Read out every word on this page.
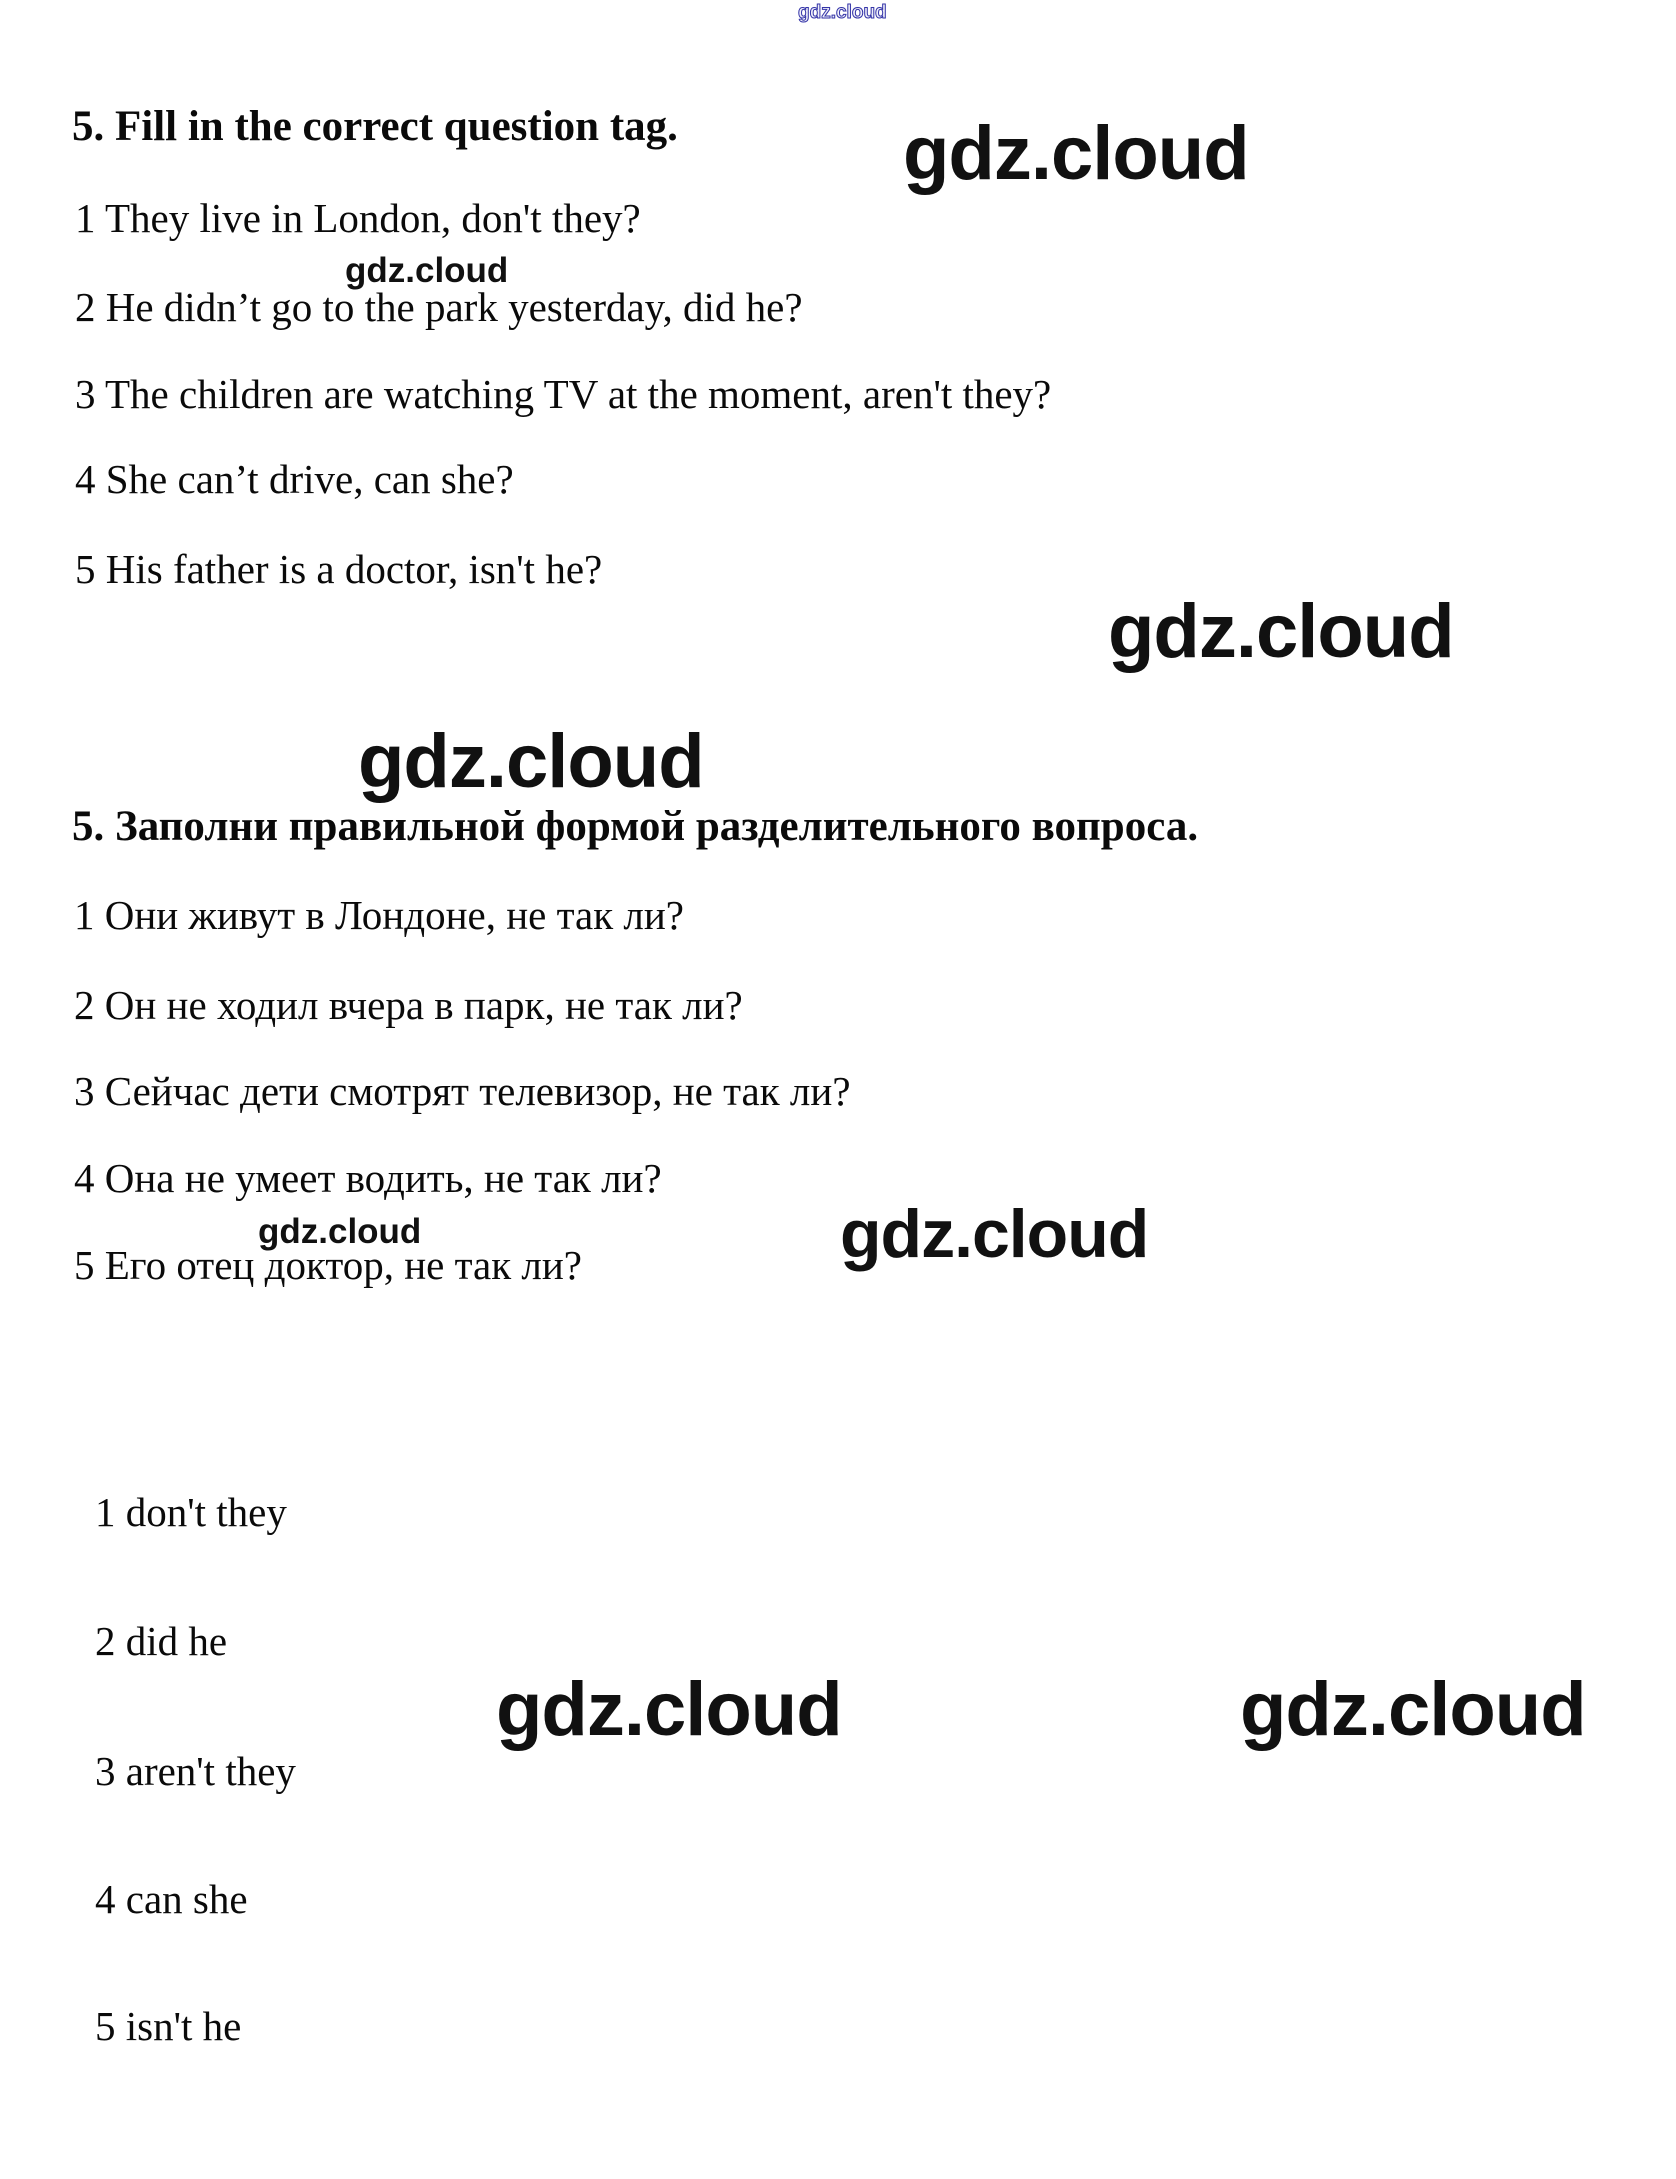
gdz.cloud
5. Fill in the correct question tag.	gdz.cloud
1 They live in London, don't they?
gdz.cloud
2 He didn’t go to the park yesterday, did he?
3 The children are watching TV at the moment, aren't they?
4 She can’t drive, can she?
5 His father is a doctor, isn't he?
gdz.cloud
gdz.cloud
5. Заполни правильной формой разделительного вопроса.
1 Они живут в Лондоне, не так ли?
2 Он не ходил вчера в парк, не так ли?
3 Сейчас дети смотрят телевизор, не так ли?
4 Она не умеет водить, не так ли?
gdz.cloud
5 Его отец доктор, не так ли?	gdz.cloud
1 don't they
2 did he
gdz.cloud	gdz.cloud
3 aren't they
4 can she
5 isn't he
